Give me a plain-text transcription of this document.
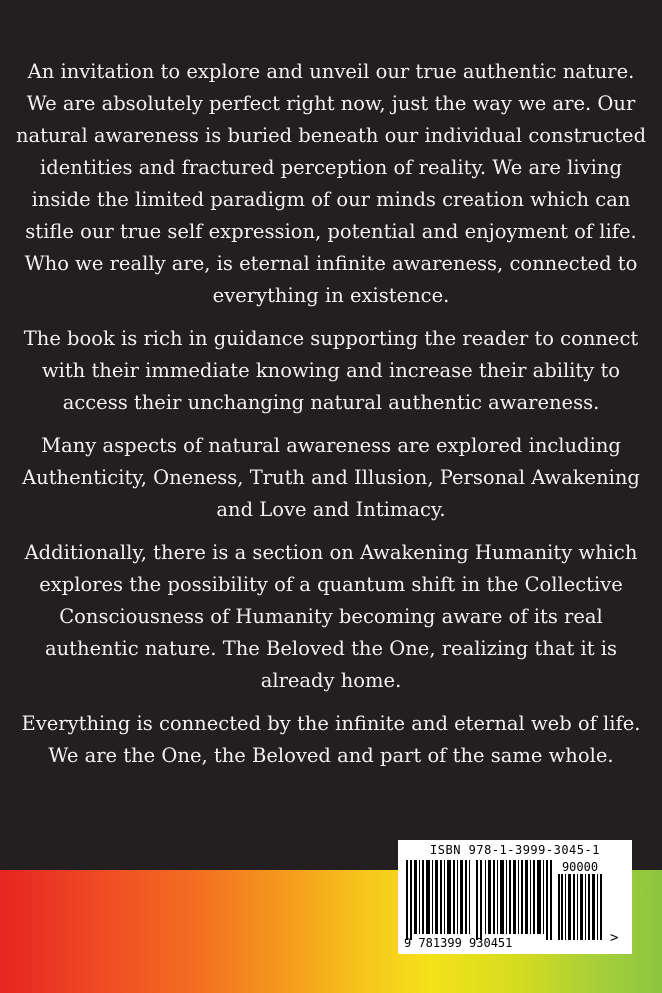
An invitation to explore and unveil our true authentic nature. We are absolutely perfect right now, just the way we are. Our natural awareness is buried beneath our individual constructed identities and fractured perception of reality. We are living inside the limited paradigm of our minds creation which can stifle our true self expression, potential and enjoyment of life. Who we really are, is eternal infinite awareness, connected to everything in existence.

The book is rich in guidance supporting the reader to connect with their immediate knowing and increase their ability to access their unchanging natural authentic awareness.

Many aspects of natural awareness are explored including Authenticity, Oneness, Truth and Illusion, Personal Awakening and Love and Intimacy.

Additionally, there is a section on Awakening Humanity which explores the possibility of a quantum shift in the Collective Consciousness of Humanity becoming aware of its real authentic nature. The Beloved the One, realizing that it is already home.

Everything is connected by the infinite and eternal web of life. We are the One, the Beloved and part of the same whole.

ISBN 978-1-3999-3045-1
90000
9 781399 930451	>
